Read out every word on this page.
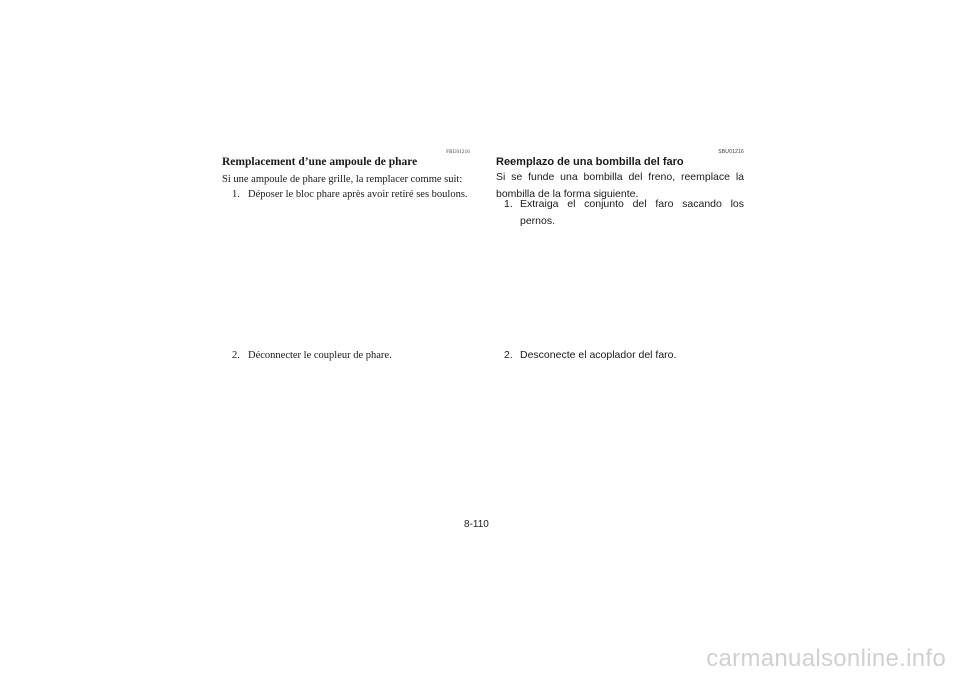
FBU01216
Remplacement d’une ampoule de phare

Si une ampoule de phare grille, la remplacer comme suit:

1. Déposer le bloc phare après avoir retiré ses boulons.
2. Déconnecter le coupleur de phare.
SBU01216
Reemplazo de una bombilla del faro

Si se funde una bombilla del freno, reemplace la bombilla de la forma siguiente.

1. Extraiga el conjunto del faro sacando los pernos.
2. Desconecte el acoplador del faro.
8-110
carmanualsonline.info
